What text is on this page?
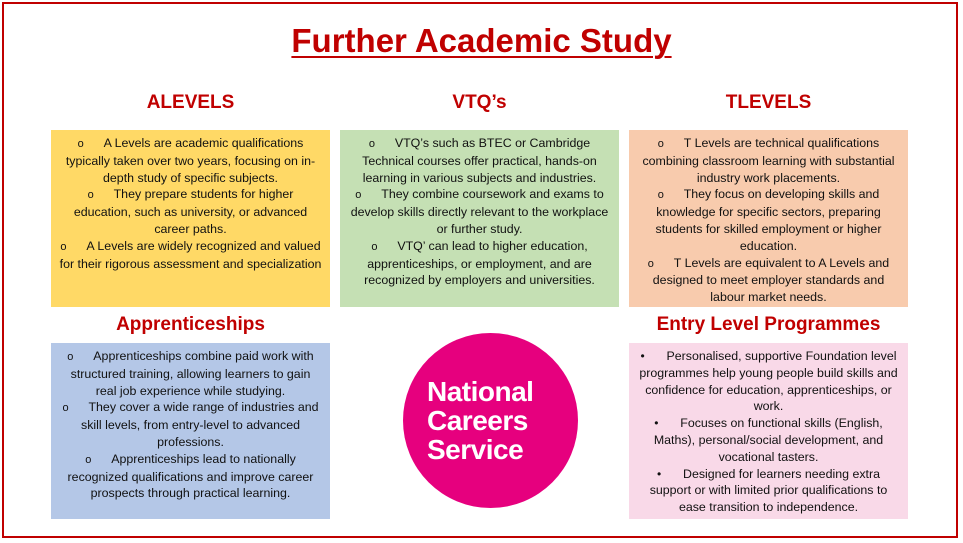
Further Academic Study
ALEVELS	VTQ’s	TLEVELS
Apprenticeships	Entry Level Programmes
o A Levels are academic qualifications typically taken over two years, focusing on in-depth study of specific subjects.
o They prepare students for higher education, such as university, or advanced career paths.
o A Levels are widely recognized and valued for their rigorous assessment and specialization
o VTQ’s such as BTEC or Cambridge Technical courses offer practical, hands-on learning in various subjects and industries.
o They combine coursework and exams to develop skills directly relevant to the workplace or further study.
o VTQ’ can lead to higher education, apprenticeships, or employment, and are recognized by employers and universities.
o T Levels are technical qualifications combining classroom learning with substantial industry work placements.
o They focus on developing skills and knowledge for specific sectors, preparing students for skilled employment or higher education.
o T Levels are equivalent to A Levels and designed to meet employer standards and labour market needs.
o Apprenticeships combine paid work with structured training, allowing learners to gain real job experience while studying.
o They cover a wide range of industries and skill levels, from entry-level to advanced professions.
o Apprenticeships lead to nationally recognized qualifications and improve career prospects through practical learning.
• Personalised, supportive Foundation level programmes help young people build skills and confidence for education, apprenticeships, or work.
• Focuses on functional skills (English, Maths), personal/social development, and vocational tasters.
• Designed for learners needing extra support or with limited prior qualifications to ease transition to independence.
National
Careers
Service
